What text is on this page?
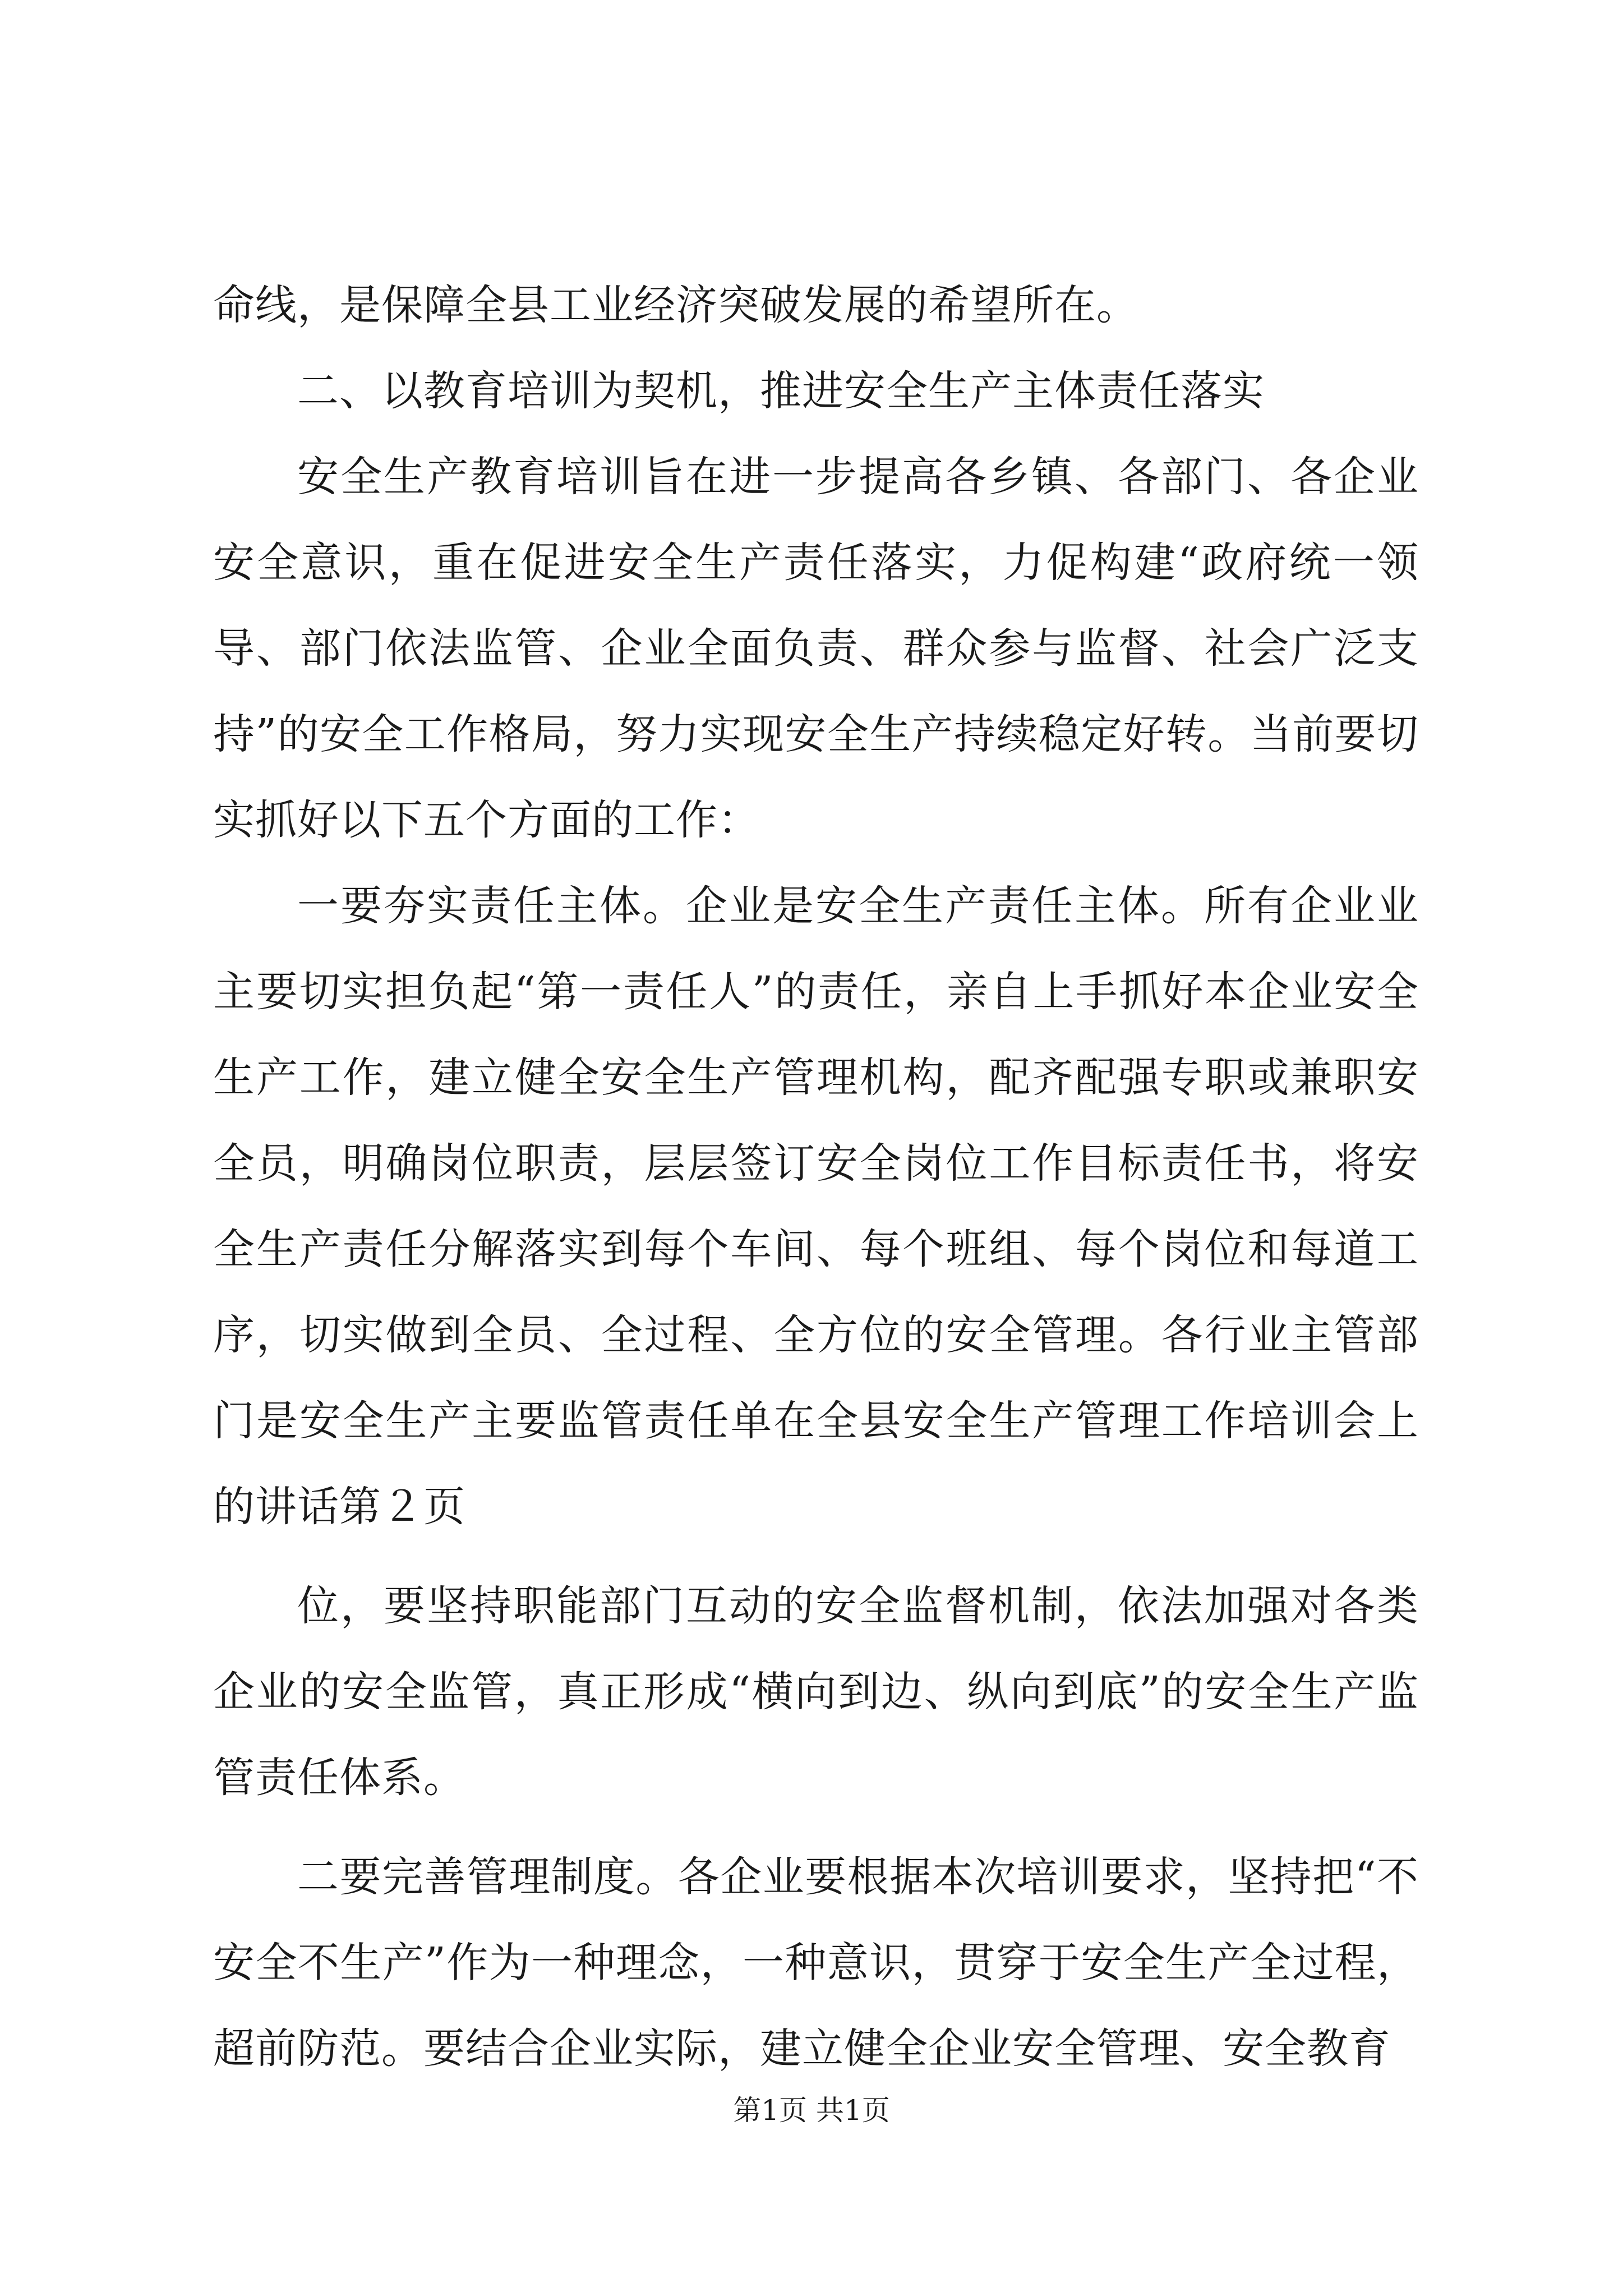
命线，是保障全县工业经济突破发展的希望所在。

二、以教育培训为契机，推进安全生产主体责任落实

安全生产教育培训旨在进一步提高各乡镇、各部门、各企业安全意识，重在促进安全生产责任落实，力促构建“政府统一领导、部门依法监管、企业全面负责、群众参与监督、社会广泛支持”的安全工作格局，努力实现安全生产持续稳定好转。当前要切实抓好以下五个方面的工作：

一要夯实责任主体。企业是安全生产责任主体。所有企业业主要切实担负起“第一责任人”的责任，亲自上手抓好本企业安全生产工作，建立健全安全生产管理机构，配齐配强专职或兼职安全员，明确岗位职责，层层签订安全岗位工作目标责任书，将安全生产责任分解落实到每个车间、每个班组、每个岗位和每道工序，切实做到全员、全过程、全方位的安全管理。各行业主管部门是安全生产主要监管责任单在全县安全生产管理工作培训会上的讲话第２页

位，要坚持职能部门互动的安全监督机制，依法加强对各类企业的安全监管，真正形成“横向到边、纵向到底”的安全生产监管责任体系。

二要完善管理制度。各企业要根据本次培训要求，坚持把“不安全不生产”作为一种理念，一种意识，贯穿于安全生产全过程，超前防范。要结合企业实际，建立健全企业安全管理、安全教育

第1页 共1页
